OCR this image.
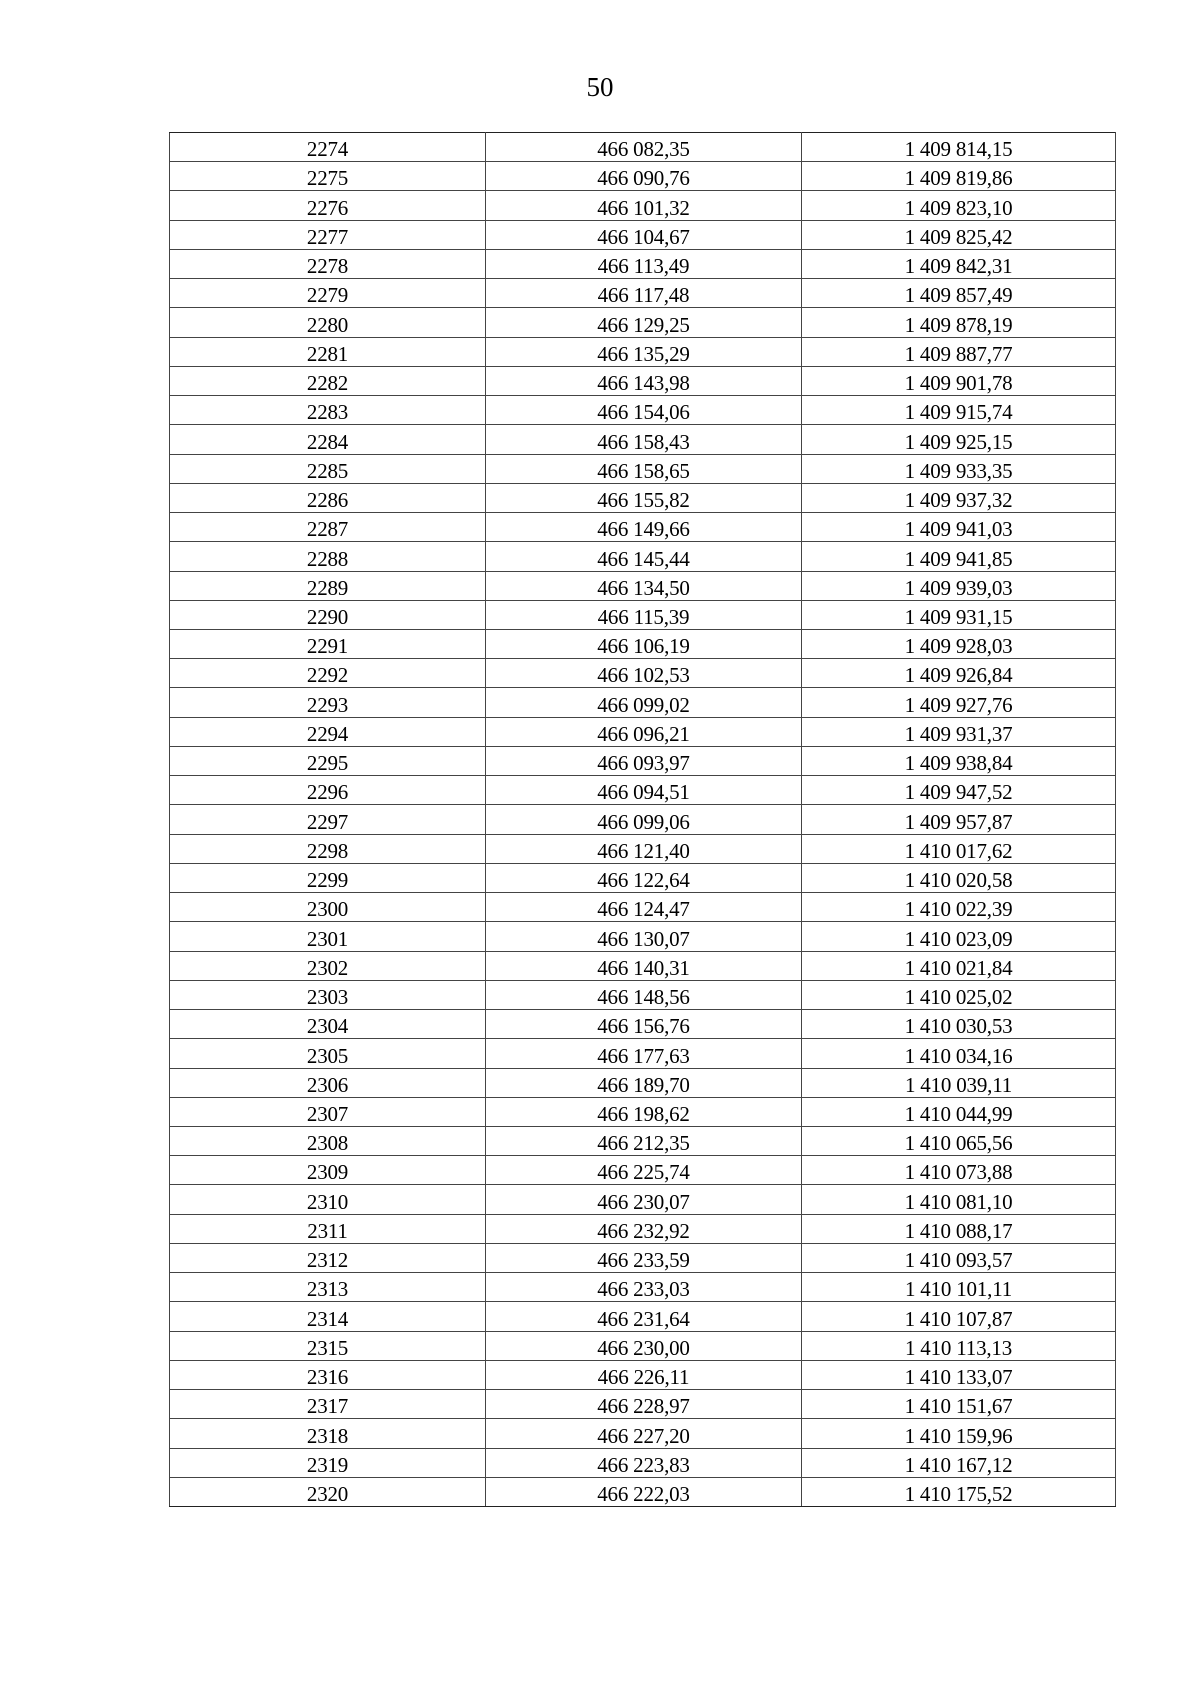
50
2274	466 082,35	1 409 814,15
2275	466 090,76	1 409 819,86
2276	466 101,32	1 409 823,10
2277	466 104,67	1 409 825,42
2278	466 113,49	1 409 842,31
2279	466 117,48	1 409 857,49
2280	466 129,25	1 409 878,19
2281	466 135,29	1 409 887,77
2282	466 143,98	1 409 901,78
2283	466 154,06	1 409 915,74
2284	466 158,43	1 409 925,15
2285	466 158,65	1 409 933,35
2286	466 155,82	1 409 937,32
2287	466 149,66	1 409 941,03
2288	466 145,44	1 409 941,85
2289	466 134,50	1 409 939,03
2290	466 115,39	1 409 931,15
2291	466 106,19	1 409 928,03
2292	466 102,53	1 409 926,84
2293	466 099,02	1 409 927,76
2294	466 096,21	1 409 931,37
2295	466 093,97	1 409 938,84
2296	466 094,51	1 409 947,52
2297	466 099,06	1 409 957,87
2298	466 121,40	1 410 017,62
2299	466 122,64	1 410 020,58
2300	466 124,47	1 410 022,39
2301	466 130,07	1 410 023,09
2302	466 140,31	1 410 021,84
2303	466 148,56	1 410 025,02
2304	466 156,76	1 410 030,53
2305	466 177,63	1 410 034,16
2306	466 189,70	1 410 039,11
2307	466 198,62	1 410 044,99
2308	466 212,35	1 410 065,56
2309	466 225,74	1 410 073,88
2310	466 230,07	1 410 081,10
2311	466 232,92	1 410 088,17
2312	466 233,59	1 410 093,57
2313	466 233,03	1 410 101,11
2314	466 231,64	1 410 107,87
2315	466 230,00	1 410 113,13
2316	466 226,11	1 410 133,07
2317	466 228,97	1 410 151,67
2318	466 227,20	1 410 159,96
2319	466 223,83	1 410 167,12
2320	466 222,03	1 410 175,52
